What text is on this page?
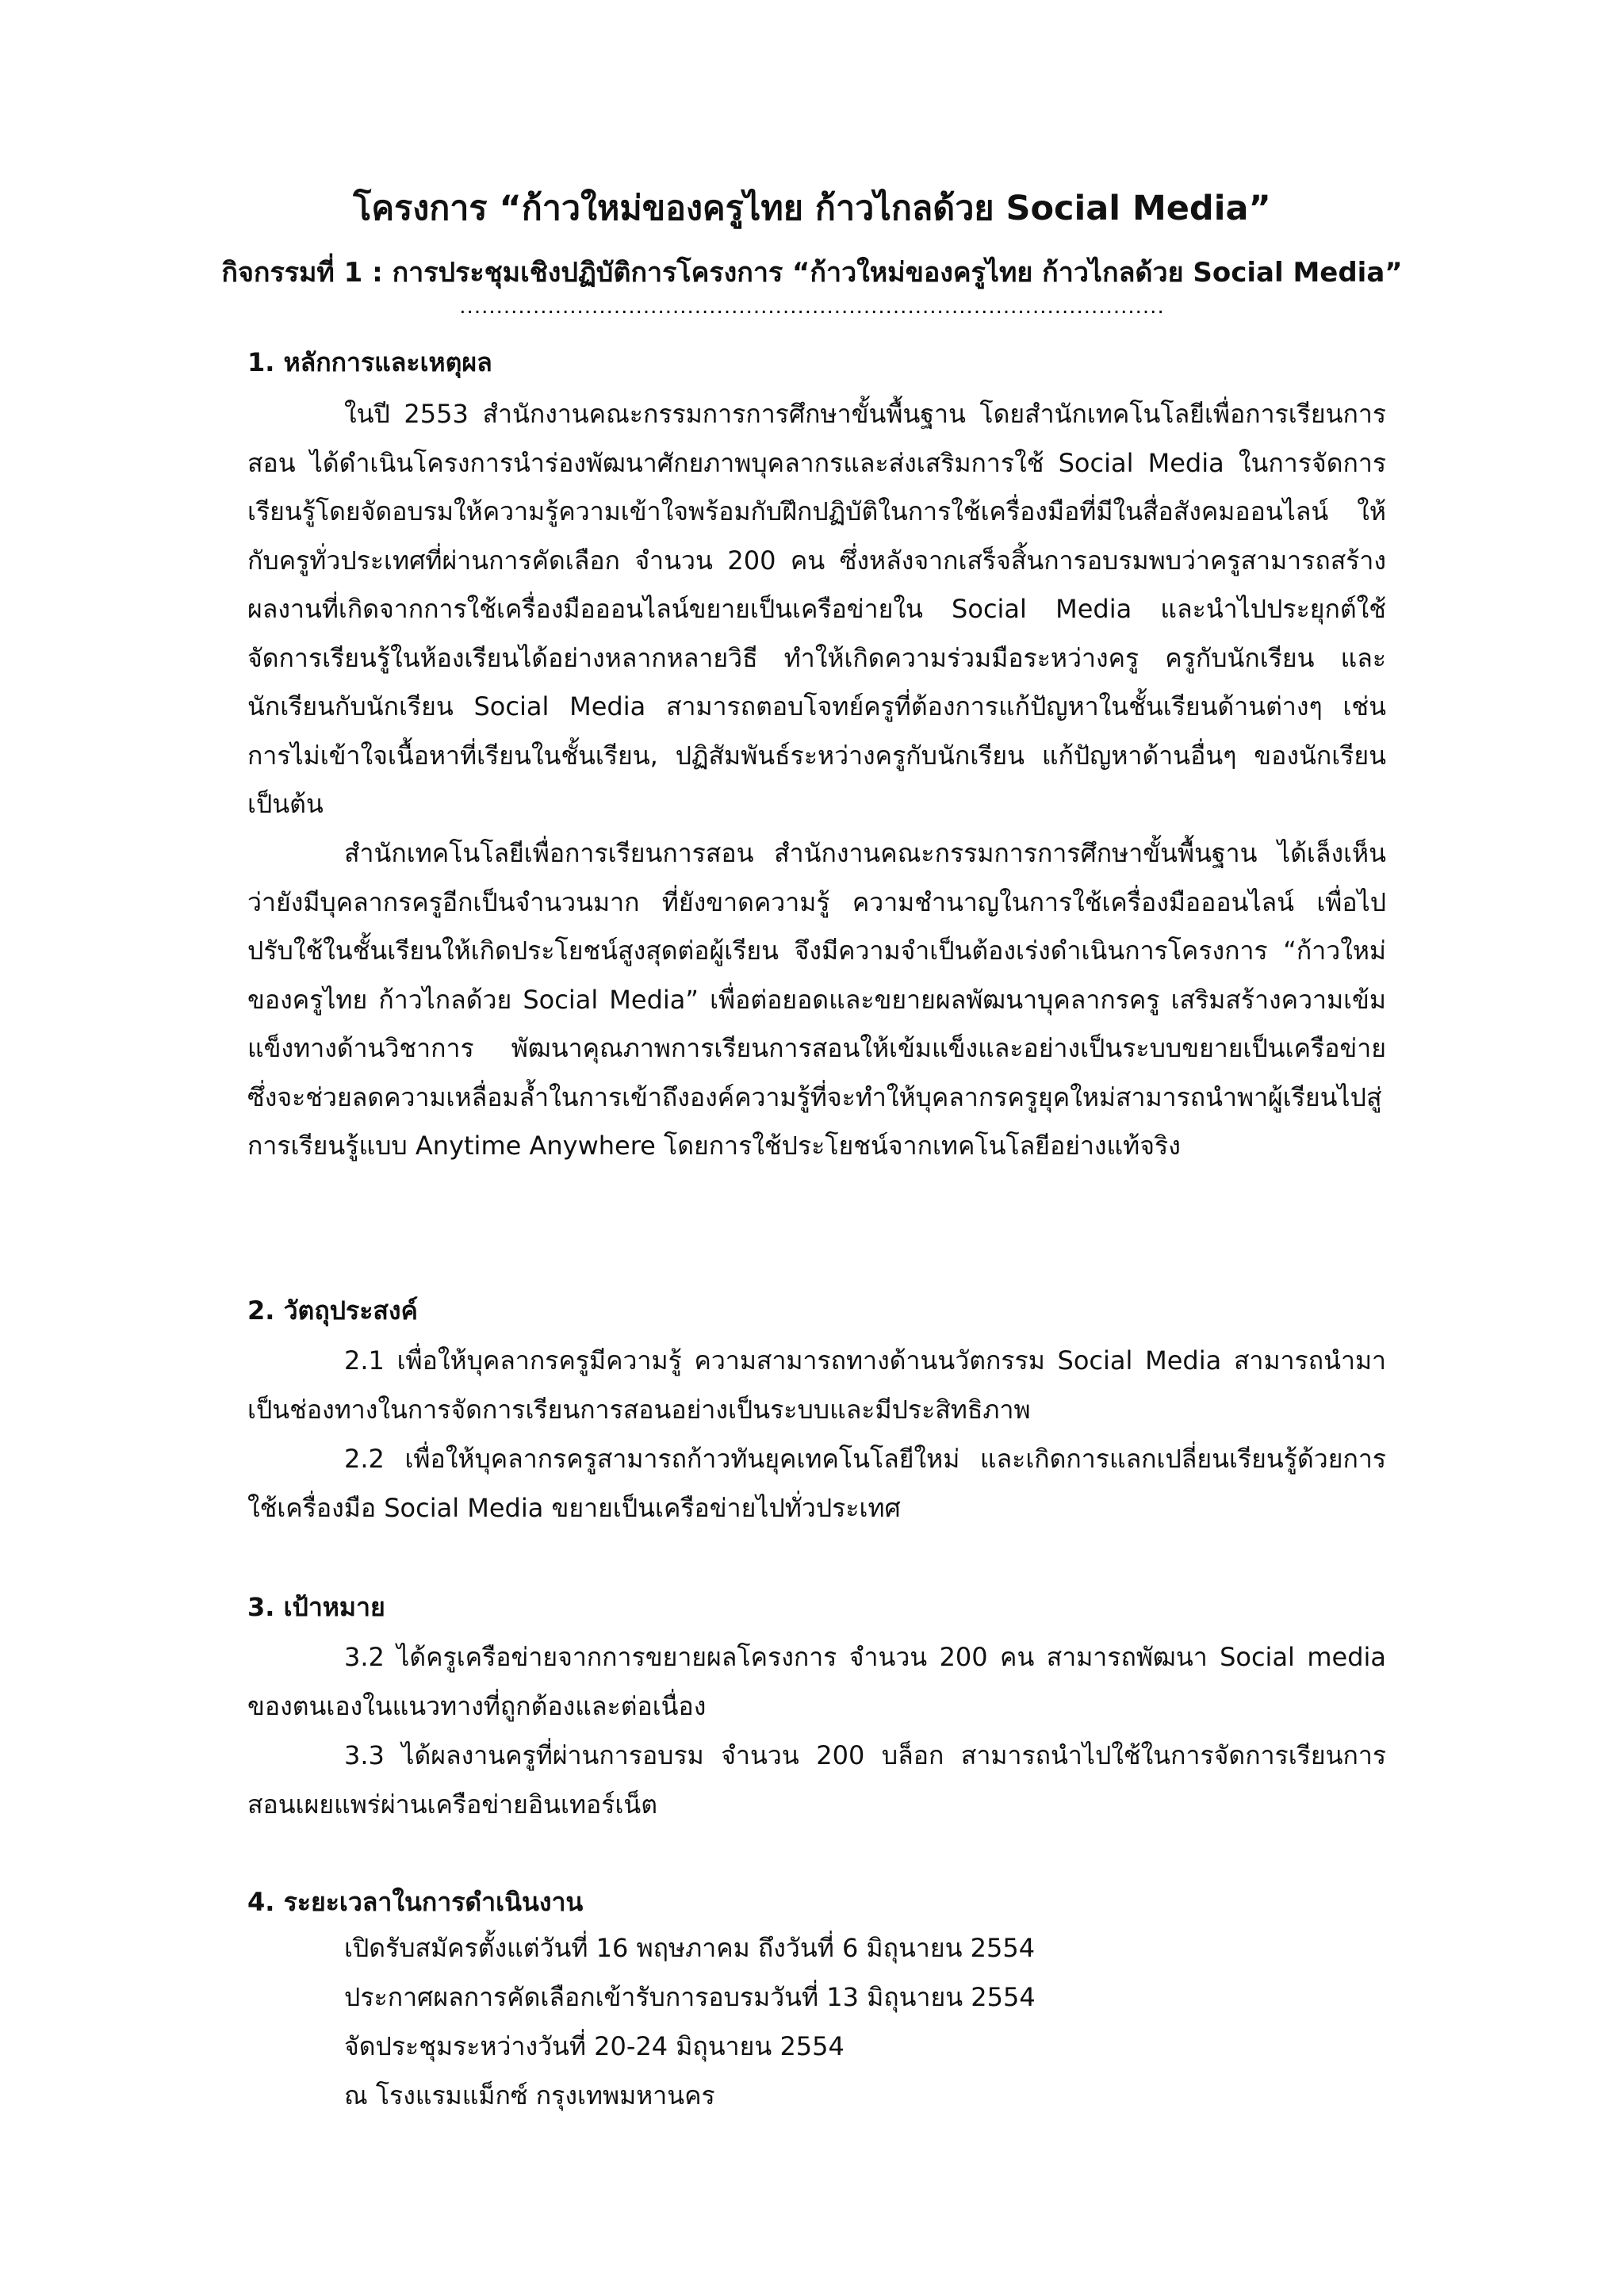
โครงการ “ก้าวใหม่ของครูไทย ก้าวไกลด้วย Social Media”
กิจกรรมที่ 1 : การประชุมเชิงปฏิบัติการโครงการ “ก้าวใหม่ของครูไทย ก้าวไกลด้วย Social Media”
................................................................................................
1. หลักการและเหตุผล
ในปี 2553 สำนักงานคณะกรรมการการศึกษาขั้นพื้นฐาน โดยสำนักเทคโนโลยีเพื่อการเรียนการสอน ได้ดำเนินโครงการนำร่องพัฒนาศักยภาพบุคลากรและส่งเสริมการใช้ Social Media ในการจัดการเรียนรู้โดยจัดอบรมให้ความรู้ความเข้าใจพร้อมกับฝึกปฏิบัติในการใช้เครื่องมือที่มีในสื่อสังคมออนไลน์ ให้กับครูทั่วประเทศที่ผ่านการคัดเลือก จำนวน 200 คน ซึ่งหลังจากเสร็จสิ้นการอบรมพบว่าครูสามารถสร้างผลงานที่เกิดจากการใช้เครื่องมือออนไลน์ขยายเป็นเครือข่ายใน Social Media และนำไปประยุกต์ใช้จัดการเรียนรู้ในห้องเรียนได้อย่างหลากหลายวิธี ทำให้เกิดความร่วมมือระหว่างครู ครูกับนักเรียน และนักเรียนกับนักเรียน Social Media สามารถตอบโจทย์ครูที่ต้องการแก้ปัญหาในชั้นเรียนด้านต่างๆ เช่น การไม่เข้าใจเนื้อหาที่เรียนในชั้นเรียน, ปฏิสัมพันธ์ระหว่างครูกับนักเรียน แก้ปัญหาด้านอื่นๆ ของนักเรียน เป็นต้น
สำนักเทคโนโลยีเพื่อการเรียนการสอน สำนักงานคณะกรรมการการศึกษาขั้นพื้นฐาน ได้เล็งเห็นว่ายังมีบุคลากรครูอีกเป็นจำนวนมาก ที่ยังขาดความรู้ ความชำนาญในการใช้เครื่องมือออนไลน์ เพื่อไปปรับใช้ในชั้นเรียนให้เกิดประโยชน์สูงสุดต่อผู้เรียน จึงมีความจำเป็นต้องเร่งดำเนินการโครงการ “ก้าวใหม่ของครูไทย ก้าวไกลด้วย Social Media” เพื่อต่อยอดและขยายผลพัฒนาบุคลากรครู เสริมสร้างความเข้มแข็งทางด้านวิชาการ พัฒนาคุณภาพการเรียนการสอนให้เข้มแข็งและอย่างเป็นระบบขยายเป็นเครือข่าย ซึ่งจะช่วยลดความเหลื่อมล้ำในการเข้าถึงองค์ความรู้ที่จะทำให้บุคลากรครูยุคใหม่สามารถนำพาผู้เรียนไปสู่การเรียนรู้แบบ Anytime Anywhere โดยการใช้ประโยชน์จากเทคโนโลยีอย่างแท้จริง
2. วัตถุประสงค์
2.1 เพื่อให้บุคลากรครูมีความรู้ ความสามารถทางด้านนวัตกรรม Social Media สามารถนำมาเป็นช่องทางในการจัดการเรียนการสอนอย่างเป็นระบบและมีประสิทธิภาพ
2.2 เพื่อให้บุคลากรครูสามารถก้าวทันยุคเทคโนโลยีใหม่ และเกิดการแลกเปลี่ยนเรียนรู้ด้วยการใช้เครื่องมือ Social Media ขยายเป็นเครือข่ายไปทั่วประเทศ
3. เป้าหมาย
3.2 ได้ครูเครือข่ายจากการขยายผลโครงการ จำนวน 200 คน สามารถพัฒนา Social media ของตนเองในแนวทางที่ถูกต้องและต่อเนื่อง
3.3 ได้ผลงานครูที่ผ่านการอบรม จำนวน 200 บล็อก สามารถนำไปใช้ในการจัดการเรียนการสอนเผยแพร่ผ่านเครือข่ายอินเทอร์เน็ต
4. ระยะเวลาในการดำเนินงาน
เปิดรับสมัครตั้งแต่วันที่ 16 พฤษภาคม ถึงวันที่ 6 มิถุนายน 2554
ประกาศผลการคัดเลือกเข้ารับการอบรมวันที่ 13 มิถุนายน 2554
จัดประชุมระหว่างวันที่ 20-24 มิถุนายน 2554
ณ โรงแรมแม็กซ์ กรุงเทพมหานคร
